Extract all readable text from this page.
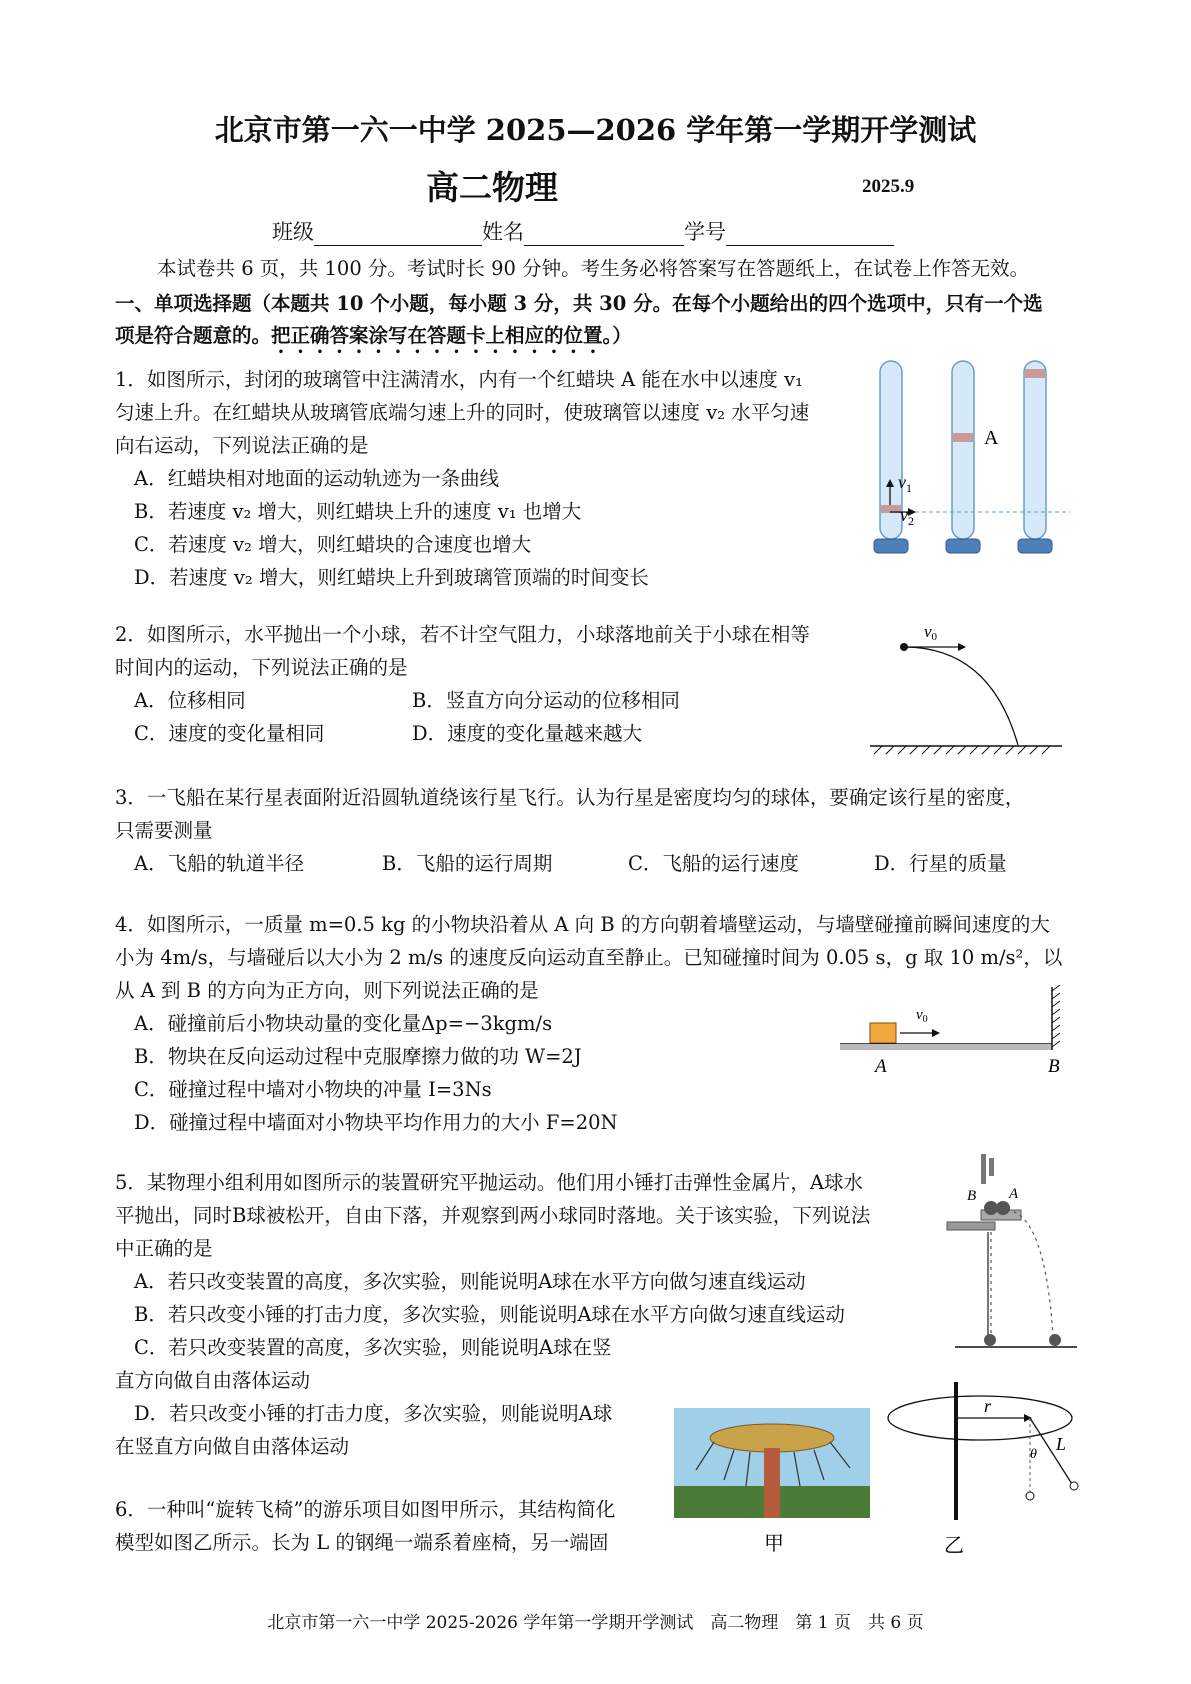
北京市第一六一中学 2025—2026 学年第一学期开学测试
高二物理	2025.9
班级	姓名	学号
本试卷共 6 页，共 100 分。考试时长 90 分钟。考生务必将答案写在答题纸上，在试卷上作答无效。
一、单项选择题（本题共 10 个小题，每小题 3 分，共 30 分。在每个小题给出的四个选项中，只有一个选
项是符合题意的。把正确答案涂写在答题卡上相应的位置。）
1．如图所示，封闭的玻璃管中注满清水，内有一个红蜡块 A 能在水中以速度 v₁
匀速上升。在红蜡块从玻璃管底端匀速上升的同时，使玻璃管以速度 v₂ 水平匀速
向右运动，下列说法正确的是
A．红蜡块相对地面的运动轨迹为一条曲线
B．若速度 v₂ 增大，则红蜡块上升的速度 v₁ 也增大
C．若速度 v₂ 增大，则红蜡块的合速度也增大
D．若速度 v₂ 增大，则红蜡块上升到玻璃管顶端的时间变长
A
$v_1$
$v_2$
2．如图所示，水平抛出一个小球，若不计空气阻力，小球落地前关于小球在相等
时间内的运动，下列说法正确的是
A．位移相同	B．竖直方向分运动的位移相同
C．速度的变化量相同	D．速度的变化量越来越大
v0
3．一飞船在某行星表面附近沿圆轨道绕该行星飞行。认为行星是密度均匀的球体，要确定该行星的密度，
只需要测量
A．飞船的轨道半径	B．飞船的运行周期	C．飞船的运行速度	D．行星的质量
4．如图所示，一质量 m=0.5 kg 的小物块沿着从 A 向 B 的方向朝着墙壁运动，与墙壁碰撞前瞬间速度的大
小为 4m/s，与墙碰后以大小为 2 m/s 的速度反向运动直至静止。已知碰撞时间为 0.05 s，g 取 10 m/s²，以
从 A 到 B 的方向为正方向，则下列说法正确的是
A．碰撞前后小物块动量的变化量Δp=−3kgm/s
B．物块在反向运动过程中克服摩擦力做的功 W=2J
C．碰撞过程中墙对小物块的冲量 I=3Ns
D．碰撞过程中墙面对小物块平均作用力的大小 F=20N
$v_0$
A	B
5．某物理小组利用如图所示的装置研究平抛运动。他们用小锤打击弹性金属片，A球水
平抛出，同时B球被松开，自由下落，并观察到两小球同时落地。关于该实验，下列说法
中正确的是
A．若只改变装置的高度，多次实验，则能说明A球在水平方向做匀速直线运动
B．若只改变小锤的打击力度，多次实验，则能说明A球在水平方向做匀速直线运动
C．若只改变装置的高度，多次实验，则能说明A球在竖
直方向做自由落体运动
D．若只改变小锤的打击力度，多次实验，则能说明A球
在竖直方向做自由落体运动
B A
6．一种叫“旋转飞椅”的游乐项目如图甲所示，其结构简化
模型如图乙所示。长为 L 的钢绳一端系着座椅，另一端固	甲
r
L
θ
乙
北京市第一六一中学 2025-2026 学年第一学期开学测试　高二物理　第 1 页　共 6 页
